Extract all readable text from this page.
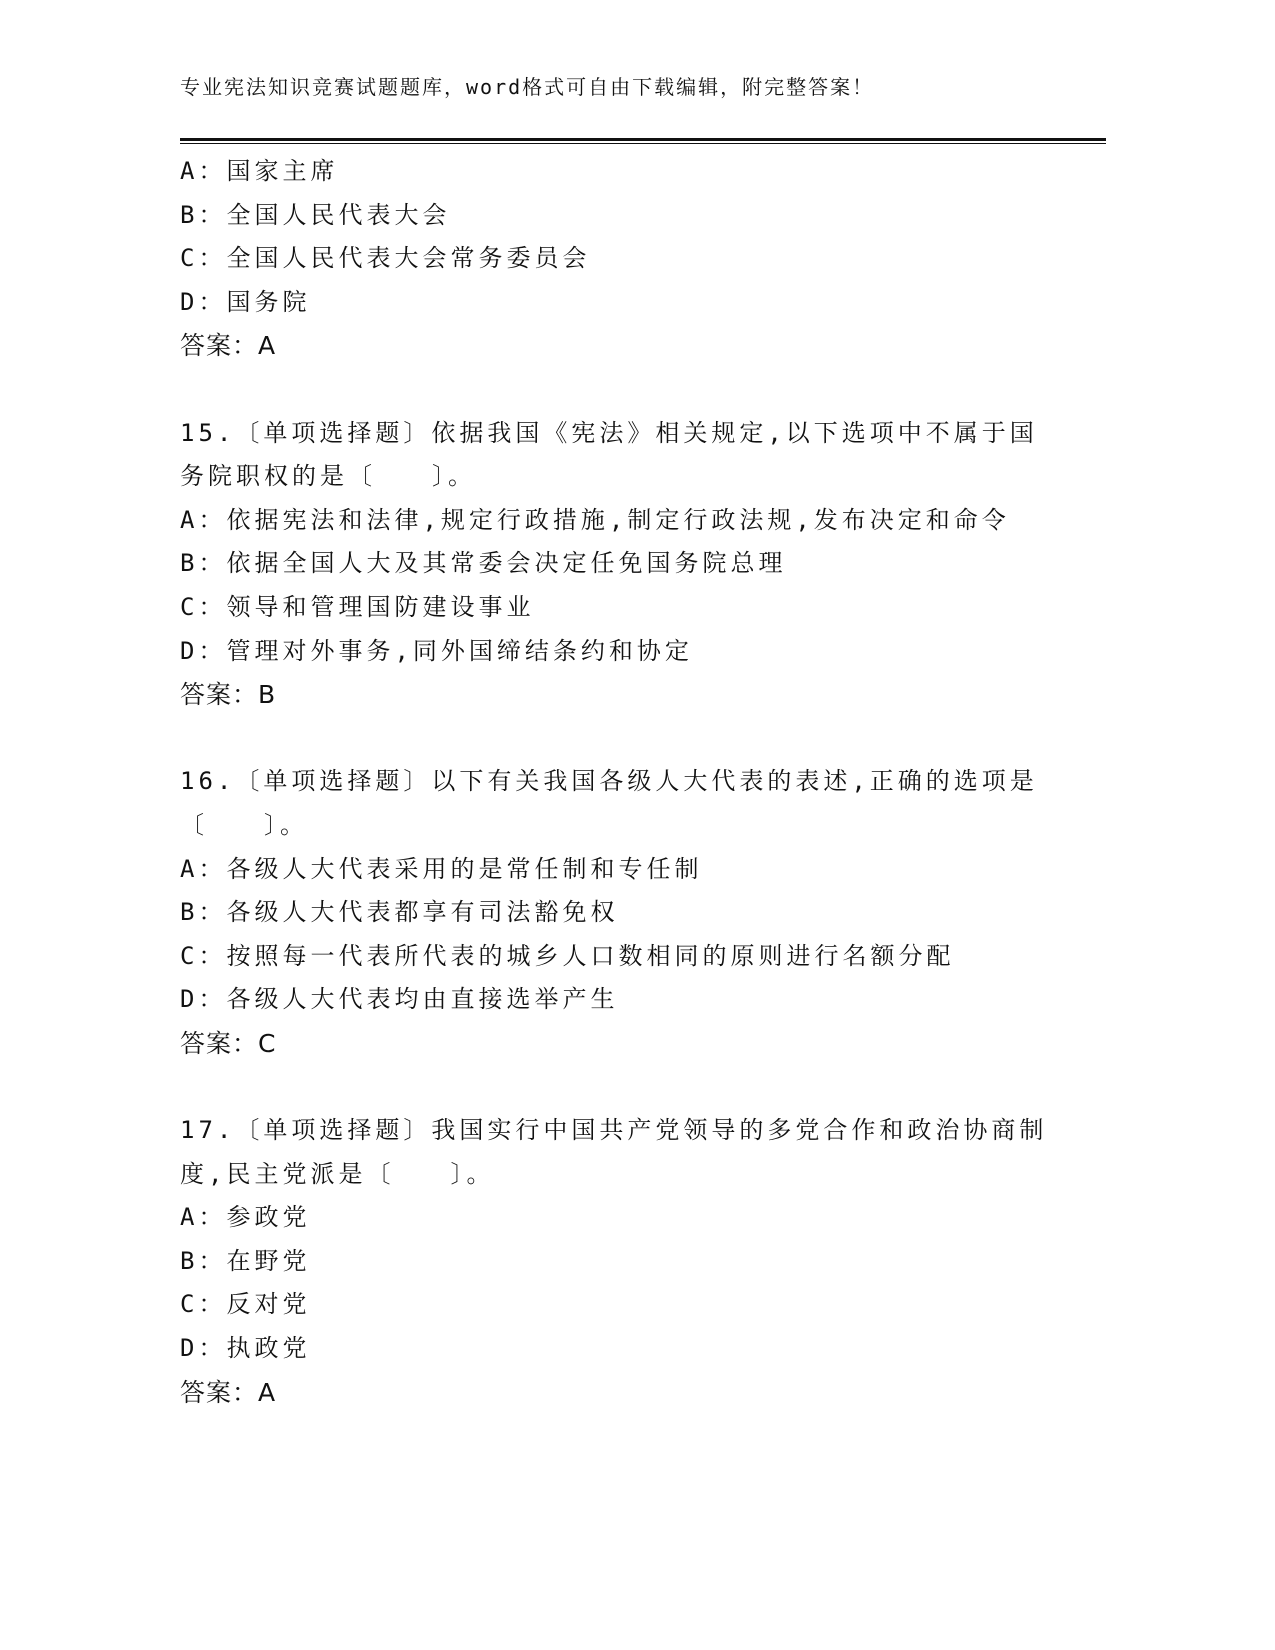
专业宪法知识竞赛试题题库，word格式可自由下载编辑，附完整答案！
A：国家主席
B：全国人民代表大会
C：全国人民代表大会常务委员会
D：国务院
答案：A
15.〔单项选择题〕依据我国《宪法》相关规定,以下选项中不属于国
务院职权的是〔　　〕。
A：依据宪法和法律,规定行政措施,制定行政法规,发布决定和命令
B：依据全国人大及其常委会决定任免国务院总理
C：领导和管理国防建设事业
D：管理对外事务,同外国缔结条约和协定
答案：B
16.〔单项选择题〕以下有关我国各级人大代表的表述,正确的选项是
〔　　〕。
A：各级人大代表采用的是常任制和专任制
B：各级人大代表都享有司法豁免权
C：按照每一代表所代表的城乡人口数相同的原则进行名额分配
D：各级人大代表均由直接选举产生
答案：C
17.〔单项选择题〕我国实行中国共产党领导的多党合作和政治协商制
度,民主党派是〔　　〕。
A：参政党
B：在野党
C：反对党
D：执政党
答案：A
